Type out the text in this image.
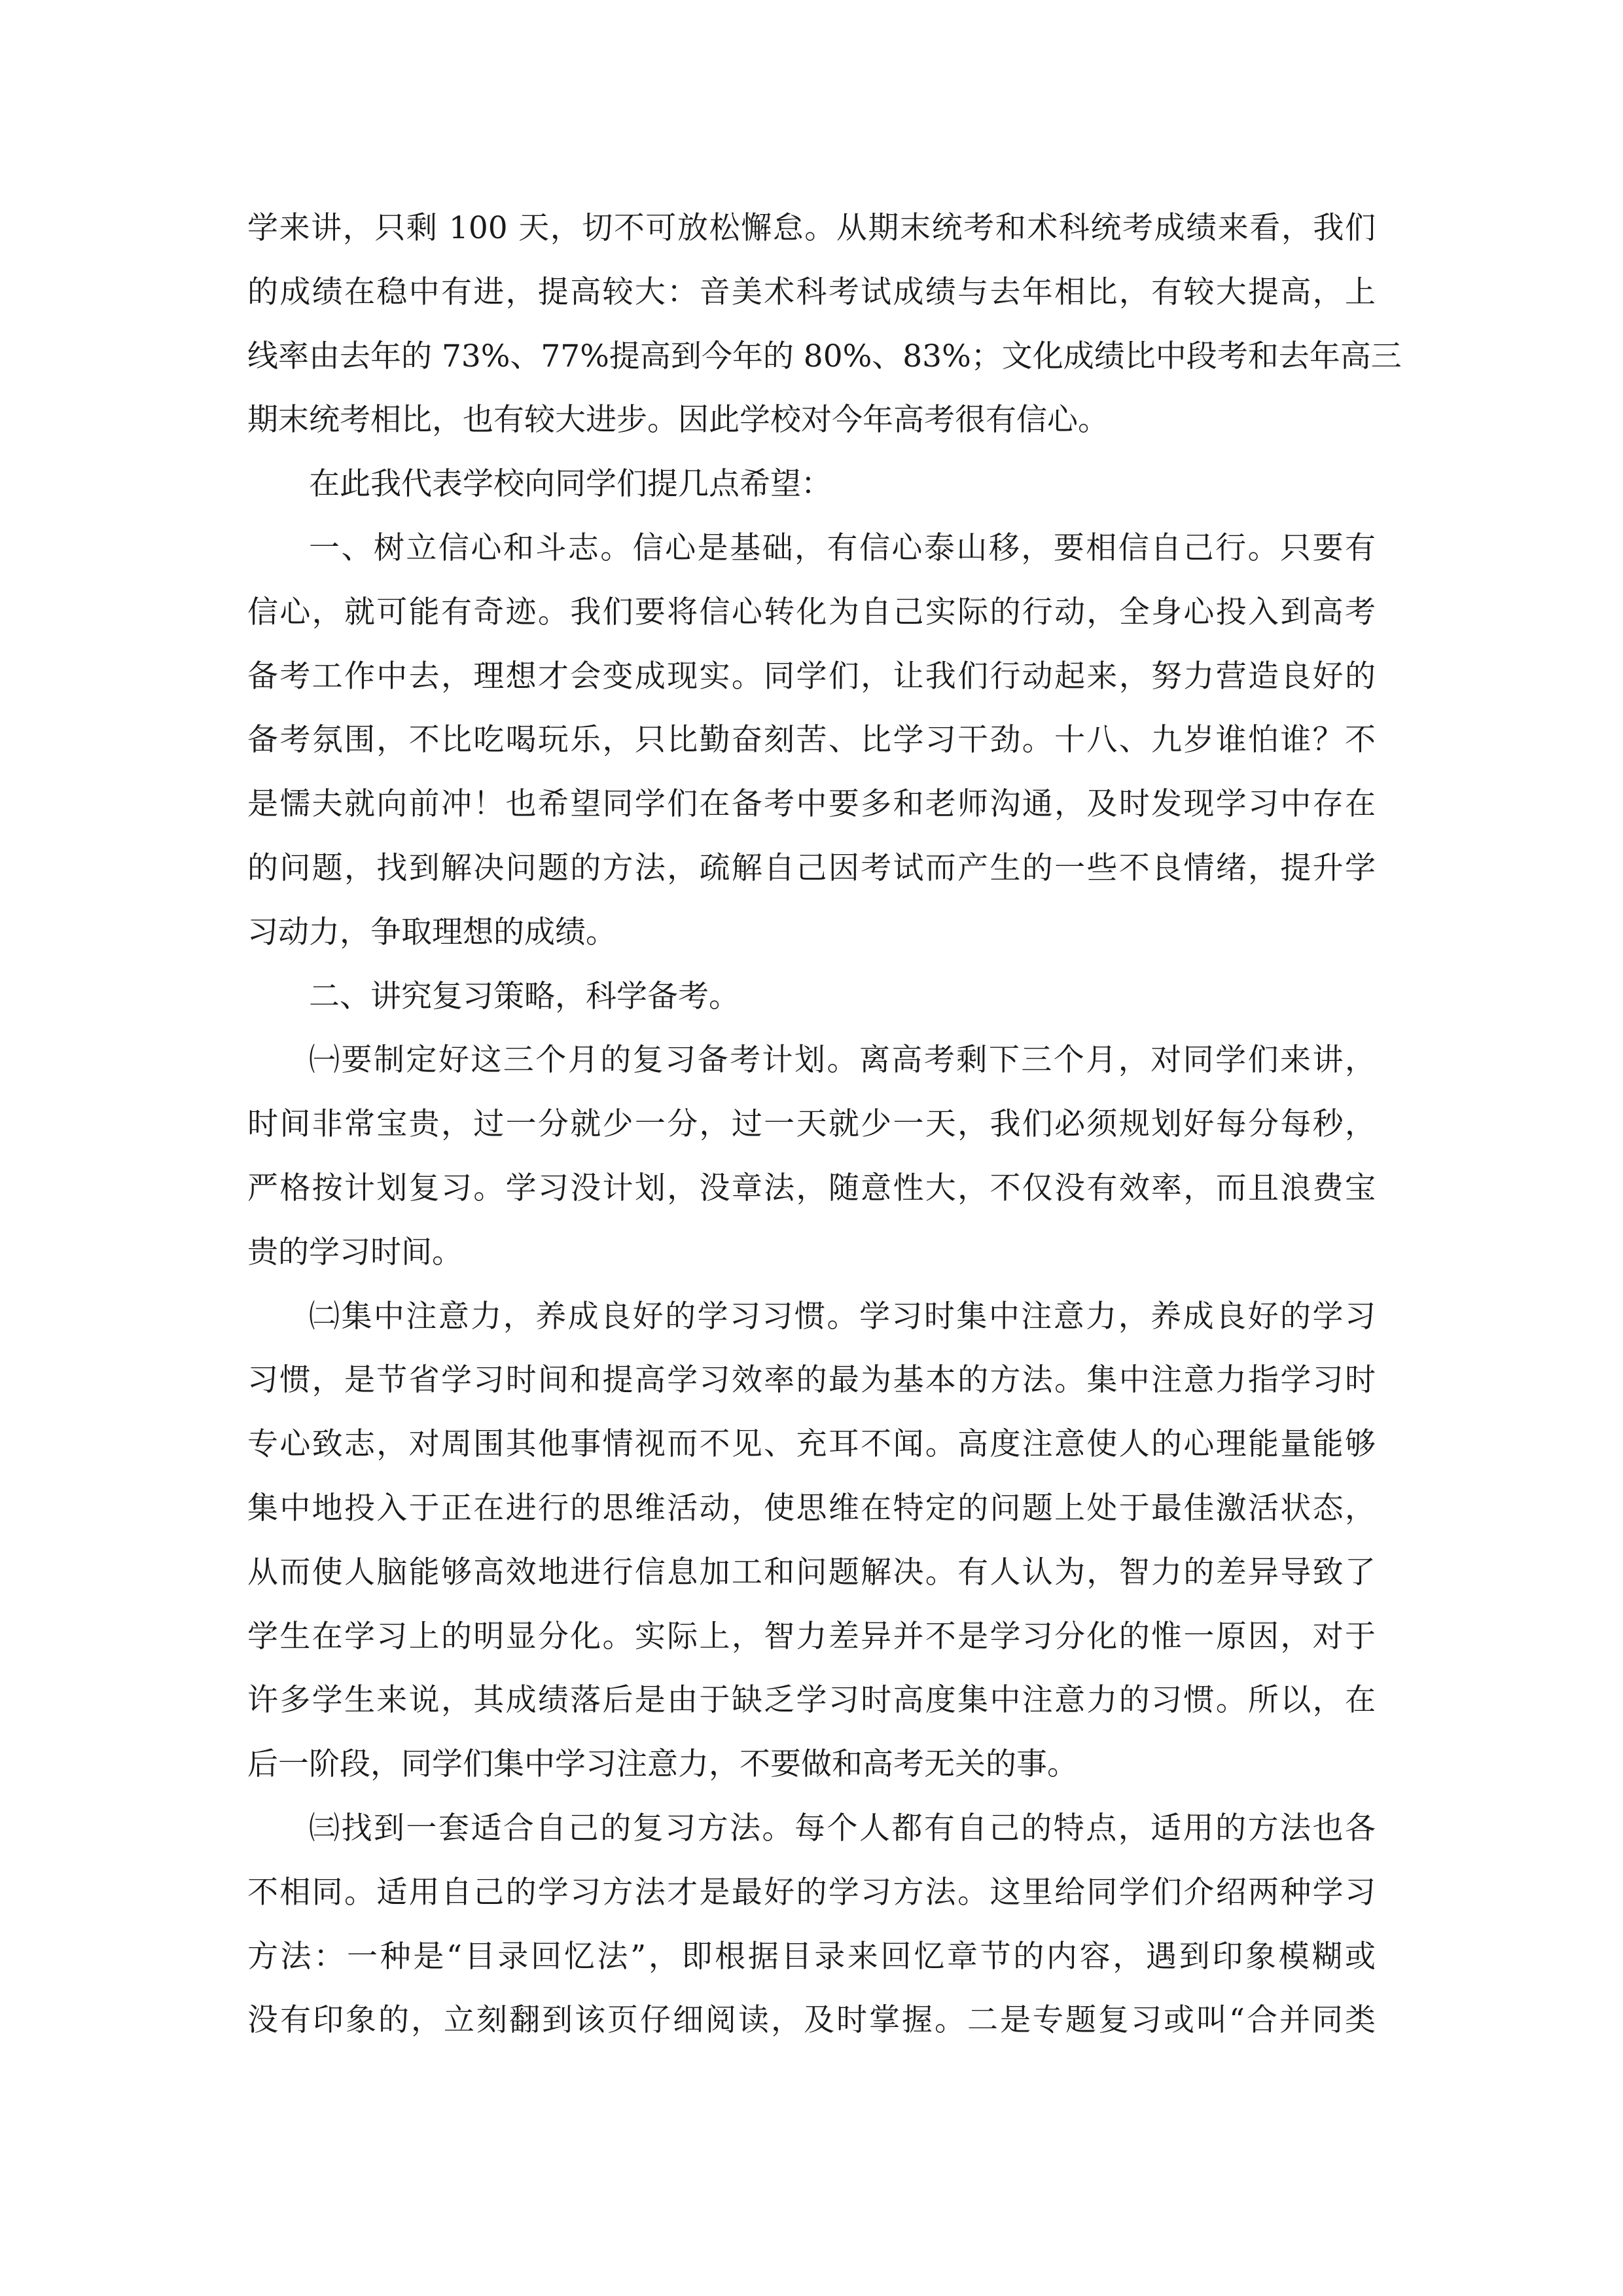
学来讲，只剩 100 天，切不可放松懈怠。从期末统考和术科统考成绩来看，我们
的成绩在稳中有进，提高较大：音美术科考试成绩与去年相比，有较大提高，上
线率由去年的 73%、77%提高到今年的 80%、83%；文化成绩比中段考和去年高三
期末统考相比，也有较大进步。因此学校对今年高考很有信心。
在此我代表学校向同学们提几点希望：
一、树立信心和斗志。信心是基础，有信心泰山移，要相信自己行。只要有
信心，就可能有奇迹。我们要将信心转化为自己实际的行动，全身心投入到高考
备考工作中去，理想才会变成现实。同学们，让我们行动起来，努力营造良好的
备考氛围，不比吃喝玩乐，只比勤奋刻苦、比学习干劲。十八、九岁谁怕谁？不
是懦夫就向前冲！也希望同学们在备考中要多和老师沟通，及时发现学习中存在
的问题，找到解决问题的方法，疏解自己因考试而产生的一些不良情绪，提升学
习动力，争取理想的成绩。
二、讲究复习策略，科学备考。
㈠要制定好这三个月的复习备考计划。离高考剩下三个月，对同学们来讲，
时间非常宝贵，过一分就少一分，过一天就少一天，我们必须规划好每分每秒，
严格按计划复习。学习没计划，没章法，随意性大，不仅没有效率，而且浪费宝
贵的学习时间。
㈡集中注意力，养成良好的学习习惯。学习时集中注意力，养成良好的学习
习惯，是节省学习时间和提高学习效率的最为基本的方法。集中注意力指学习时
专心致志，对周围其他事情视而不见、充耳不闻。高度注意使人的心理能量能够
集中地投入于正在进行的思维活动，使思维在特定的问题上处于最佳激活状态，
从而使人脑能够高效地进行信息加工和问题解决。有人认为，智力的差异导致了
学生在学习上的明显分化。实际上，智力差异并不是学习分化的惟一原因，对于
许多学生来说，其成绩落后是由于缺乏学习时高度集中注意力的习惯。所以，在
后一阶段，同学们集中学习注意力，不要做和高考无关的事。
㈢找到一套适合自己的复习方法。每个人都有自己的特点，适用的方法也各
不相同。适用自己的学习方法才是最好的学习方法。这里给同学们介绍两种学习
方法：一种是“目录回忆法”，即根据目录来回忆章节的内容，遇到印象模糊或
没有印象的，立刻翻到该页仔细阅读，及时掌握。二是专题复习或叫“合并同类
